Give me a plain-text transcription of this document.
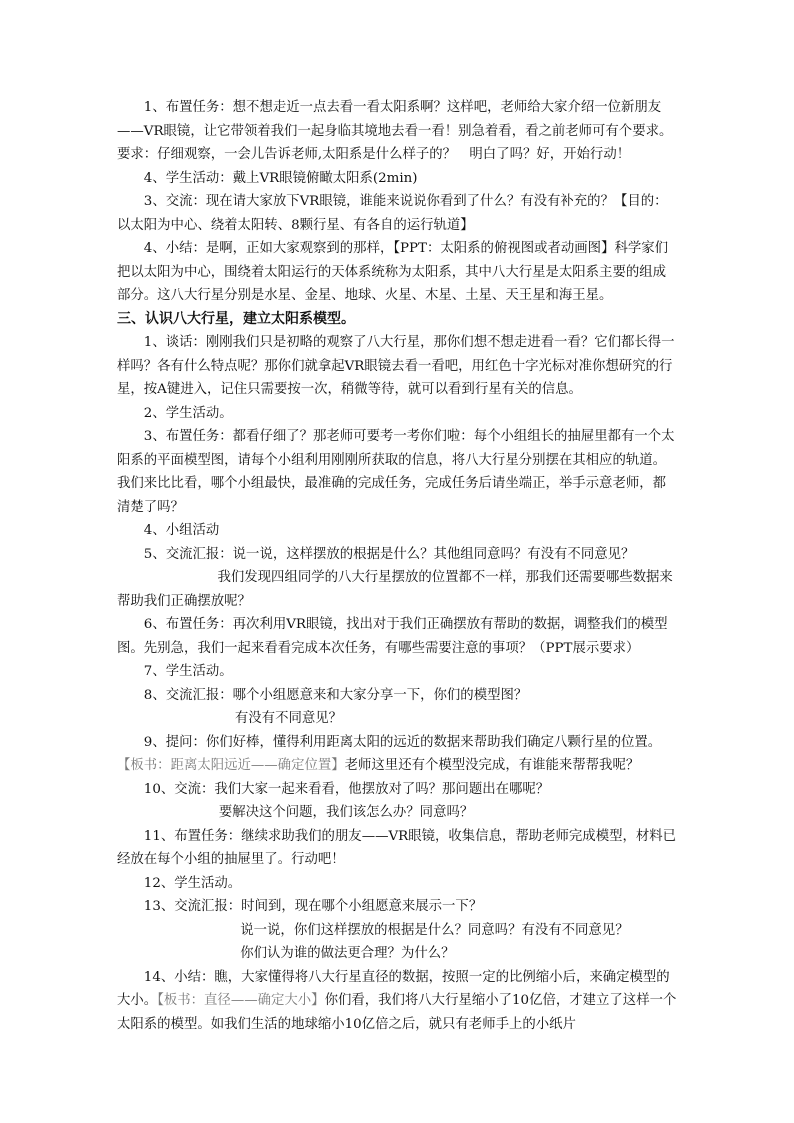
1、布置任务：想不想走近一点去看一看太阳系啊？这样吧，老师给大家介绍一位新朋友——VR眼镜，让它带领着我们一起身临其境地去看一看！别急着看，看之前老师可有个要求。要求：仔细观察，一会儿告诉老师,太阳系是什么样子的？　明白了吗？好，开始行动！

4、学生活动：戴上VR眼镜俯瞰太阳系(2min)

3、交流：现在请大家放下VR眼镜，谁能来说说你看到了什么？有没有补充的？【目的：以太阳为中心、绕着太阳转、8颗行星、有各自的运行轨道】

4、小结：是啊，正如大家观察到的那样，【PPT：太阳系的俯视图或者动画图】科学家们把以太阳为中心，围绕着太阳运行的天体系统称为太阳系，其中八大行星是太阳系主要的组成部分。这八大行星分别是水星、金星、地球、火星、木星、土星、天王星和海王星。

三、认识八大行星，建立太阳系模型。

1、谈话：刚刚我们只是初略的观察了八大行星，那你们想不想走进看一看？它们都长得一样吗？各有什么特点呢？那你们就拿起VR眼镜去看一看吧，用红色十字光标对准你想研究的行星，按A键进入，记住只需要按一次，稍微等待，就可以看到行星有关的信息。

2、学生活动。

3、布置任务：都看仔细了？那老师可要考一考你们啦：每个小组组长的抽屉里都有一个太阳系的平面模型图，请每个小组利用刚刚所获取的信息，将八大行星分别摆在其相应的轨道。我们来比比看，哪个小组最快，最准确的完成任务，完成任务后请坐端正，举手示意老师，都清楚了吗？

4、小组活动

5、交流汇报：说一说，这样摆放的根据是什么？其他组同意吗？有没有不同意见？

我们发现四组同学的八大行星摆放的位置都不一样，那我们还需要哪些数据来帮助我们正确摆放呢？

6、布置任务：再次利用VR眼镜，找出对于我们正确摆放有帮助的数据，调整我们的模型图。先别急，我们一起来看看完成本次任务，有哪些需要注意的事项？（PPT展示要求）

7、学生活动。

8、交流汇报：哪个小组愿意来和大家分享一下，你们的模型图？

有没有不同意见？

9、提问：你们好棒，懂得利用距离太阳的远近的数据来帮助我们确定八颗行星的位置。【板书：距离太阳远近——确定位置】老师这里还有个模型没完成，有谁能来帮帮我呢？

10、交流：我们大家一起来看看，他摆放对了吗？那问题出在哪呢？

要解决这个问题，我们该怎么办？同意吗？

11、布置任务：继续求助我们的朋友——VR眼镜，收集信息，帮助老师完成模型，材料已经放在每个小组的抽屉里了。行动吧！

12、学生活动。

13、交流汇报：时间到，现在哪个小组愿意来展示一下？

说一说，你们这样摆放的根据是什么？同意吗？有没有不同意见？

你们认为谁的做法更合理？为什么？

14、小结：瞧，大家懂得将八大行星直径的数据，按照一定的比例缩小后，来确定模型的大小。【板书：直径——确定大小】你们看，我们将八大行星缩小了10亿倍，才建立了这样一个太阳系的模型。如我们生活的地球缩小10亿倍之后，就只有老师手上的小纸片
